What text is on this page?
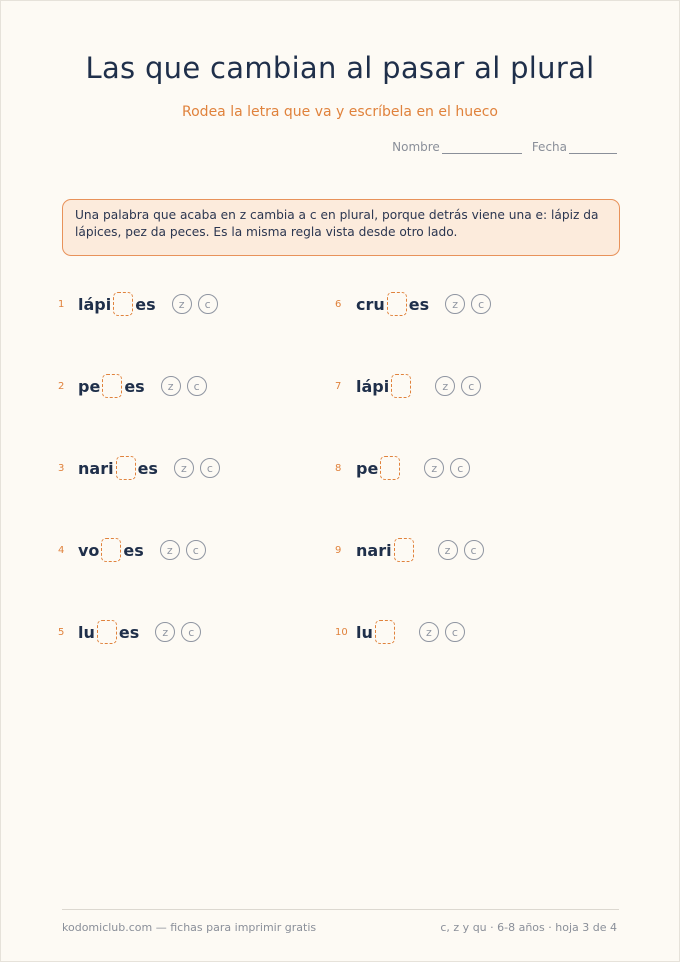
Las que cambian al pasar al plural
Rodea la letra que va y escríbela en el hueco
Nombre	Fecha
Una palabra que acaba en z cambia a c en plural, porque detrás viene una e: lápiz da lápices, pez da peces. Es la misma regla vista desde otro lado.
1 lápi es	z	c
2 pe es	z	c
3 nari es	z	c
4 vo es	z	c
5 lu es	z	c
6 cru es	z	c
7 lápi	z	c
8 pe	z	c
9 nari	z	c
10 lu	z	c
kodomiclub.com — fichas para imprimir gratis	c, z y qu · 6-8 años · hoja 3 de 4
